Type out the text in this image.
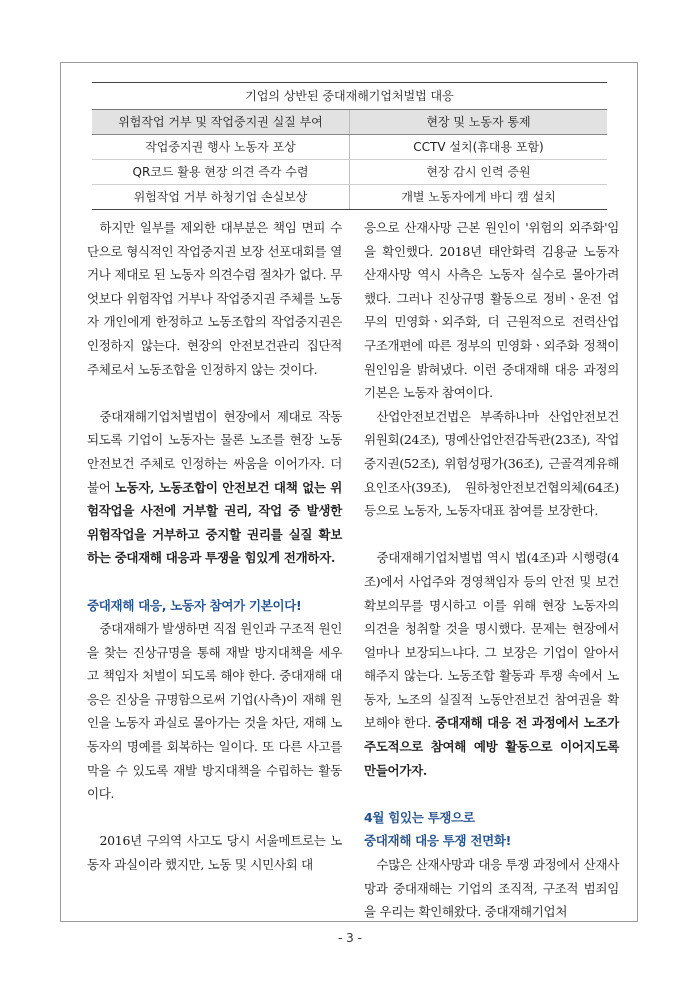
기업의 상반된 중대재해기업처벌법 대응
위험작업 거부 및 작업중지권 실질 부여	현장 및 노동자 통제
작업중지권 행사 노동자 포상	CCTV 설치(휴대용 포함)
QR코드 활용 현장 의견 즉각 수렴	현장 감시 인력 증원
위험작업 거부 하청기업 손실보상	개별 노동자에게 바디 캠 설치

하지만 일부를 제외한 대부분은 책임 면피 수단으로 형식적인 작업중지권 보장 선포대회를 열거나 제대로 된 노동자 의견수렴 절차가 없다. 무엇보다 위험작업 거부나 작업중지권 주체를 노동자 개인에게 한정하고 노동조합의 작업중지권은 인정하지 않는다. 현장의 안전보건관리 집단적 주체로서 노동조합을 인정하지 않는 것이다.

중대재해기업처벌법이 현장에서 제대로 작동되도록 기업이 노동자는 물론 노조를 현장 노동안전보건 주체로 인정하는 싸움을 이어가자. 더불어 노동자, 노동조합이 안전보건 대책 없는 위험작업을 사전에 거부할 권리, 작업 중 발생한 위험작업을 거부하고 중지할 권리를 실질 확보하는 중대재해 대응과 투쟁을 힘있게 전개하자.

중대재해 대응, 노동자 참여가 기본이다!

중대재해가 발생하면 직접 원인과 구조적 원인을 찾는 진상규명을 통해 재발 방지대책을 세우고 책임자 처벌이 되도록 해야 한다. 중대재해 대응은 진상을 규명함으로써 기업(사측)이 재해 원인을 노동자 과실로 몰아가는 것을 차단, 재해 노동자의 명예를 회복하는 일이다. 또 다른 사고를 막을 수 있도록 재발 방지대책을 수립하는 활동이다.

2016년 구의역 사고도 당시 서울메트로는 노동자 과실이라 했지만, 노동 및 시민사회 대

응으로 산재사망 근본 원인이 '위험의 외주화'임을 확인했다. 2018년 태안화력 김용균 노동자 산재사망 역시 사측은 노동자 실수로 몰아가려 했다. 그러나 진상규명 활동으로 정비ㆍ운전 업무의 민영화ㆍ외주화, 더 근원적으로 전력산업 구조개편에 따른 정부의 민영화ㆍ외주화 정책이 원인임을 밝혀냈다. 이런 중대재해 대응 과정의 기본은 노동자 참여이다.

산업안전보건법은 부족하나마 산업안전보건위원회(24조), 명예산업안전감독관(23조), 작업중지권(52조), 위험성평가(36조), 근골격계유해요인조사(39조), 원하청안전보건협의체(64조) 등으로 노동자, 노동자대표 참여를 보장한다.

중대재해기업처벌법 역시 법(4조)과 시행령(4조)에서 사업주와 경영책임자 등의 안전 및 보건 확보의무를 명시하고 이를 위해 현장 노동자의 의견을 청취할 것을 명시했다. 문제는 현장에서 얼마나 보장되느냐다. 그 보장은 기업이 알아서 해주지 않는다. 노동조합 활동과 투쟁 속에서 노동자, 노조의 실질적 노동안전보건 참여권을 확보해야 한다. 중대재해 대응 전 과정에서 노조가 주도적으로 참여해 예방 활동으로 이어지도록 만들어가자.

4월 힘있는 투쟁으로

중대재해 대응 투쟁 전면화!

수많은 산재사망과 대응 투쟁 과정에서 산재사망과 중대재해는 기업의 조직적, 구조적 범죄임을 우리는 확인해왔다. 중대재해기업처

- 3 -
